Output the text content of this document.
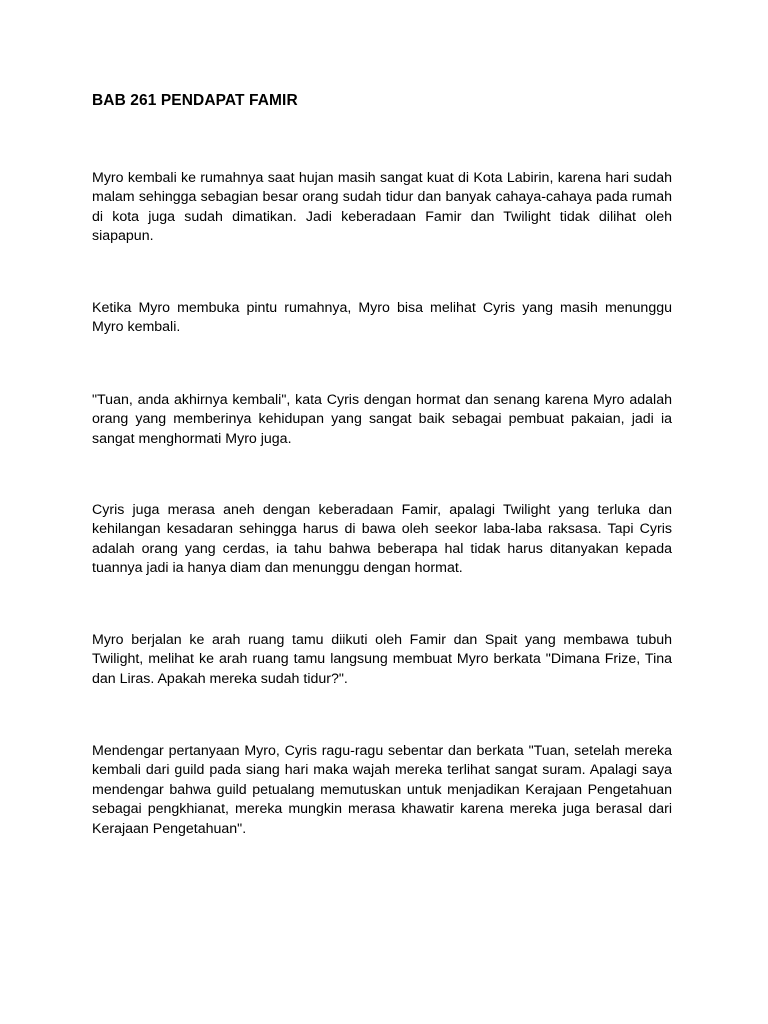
BAB 261 PENDAPAT FAMIR

Myro kembali ke rumahnya saat hujan masih sangat kuat di Kota Labirin, karena hari sudah malam sehingga sebagian besar orang sudah tidur dan banyak cahaya-cahaya pada rumah di kota juga sudah dimatikan. Jadi keberadaan Famir dan Twilight tidak dilihat oleh siapapun.

Ketika Myro membuka pintu rumahnya, Myro bisa melihat Cyris yang masih menunggu Myro kembali.

"Tuan, anda akhirnya kembali", kata Cyris dengan hormat dan senang karena Myro adalah orang yang memberinya kehidupan yang sangat baik sebagai pembuat pakaian, jadi ia sangat menghormati Myro juga.

Cyris juga merasa aneh dengan keberadaan Famir, apalagi Twilight yang terluka dan kehilangan kesadaran sehingga harus di bawa oleh seekor laba-laba raksasa. Tapi Cyris adalah orang yang cerdas, ia tahu bahwa beberapa hal tidak harus ditanyakan kepada tuannya jadi ia hanya diam dan menunggu dengan hormat.

Myro berjalan ke arah ruang tamu diikuti oleh Famir dan Spait yang membawa tubuh Twilight, melihat ke arah ruang tamu langsung membuat Myro berkata "Dimana Frize, Tina dan Liras. Apakah mereka sudah tidur?".

Mendengar pertanyaan Myro, Cyris ragu-ragu sebentar dan berkata "Tuan, setelah mereka kembali dari guild pada siang hari maka wajah mereka terlihat sangat suram. Apalagi saya mendengar bahwa guild petualang memutuskan untuk menjadikan Kerajaan Pengetahuan sebagai pengkhianat, mereka mungkin merasa khawatir karena mereka juga berasal dari Kerajaan Pengetahuan".
